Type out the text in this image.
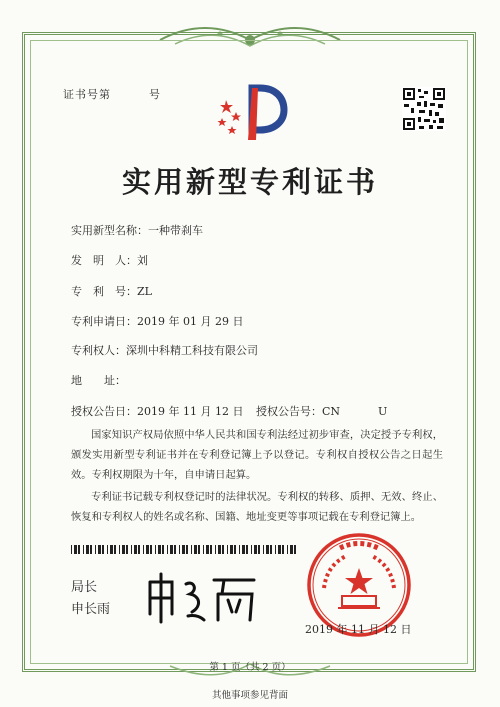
证书号第	号
实用新型专利证书
实用新型名称：一种带刹车
发　明　人：刘
专　利　号：ZL
专利申请日：2019 年 01 月 29 日
专利权人：深圳中科精工科技有限公司
地　　址：
授权公告日：2019 年 11 月 12 日 授权公告号：CN	U
国家知识产权局依照中华人民共和国专利法经过初步审查，决定授予专利权，颁发实用新型专利证书并在专利登记簿上予以登记。专利权自授权公告之日起生效。专利权期限为十年，自申请日起算。
专利证书记载专利权登记时的法律状况。专利权的转移、质押、无效、终止、恢复和专利权人的姓名或名称、国籍、地址变更等事项记载在专利登记簿上。
局长
申长雨
2019 年 11 月 12 日
第 1 页（共 2 页）
其他事项参见背面
